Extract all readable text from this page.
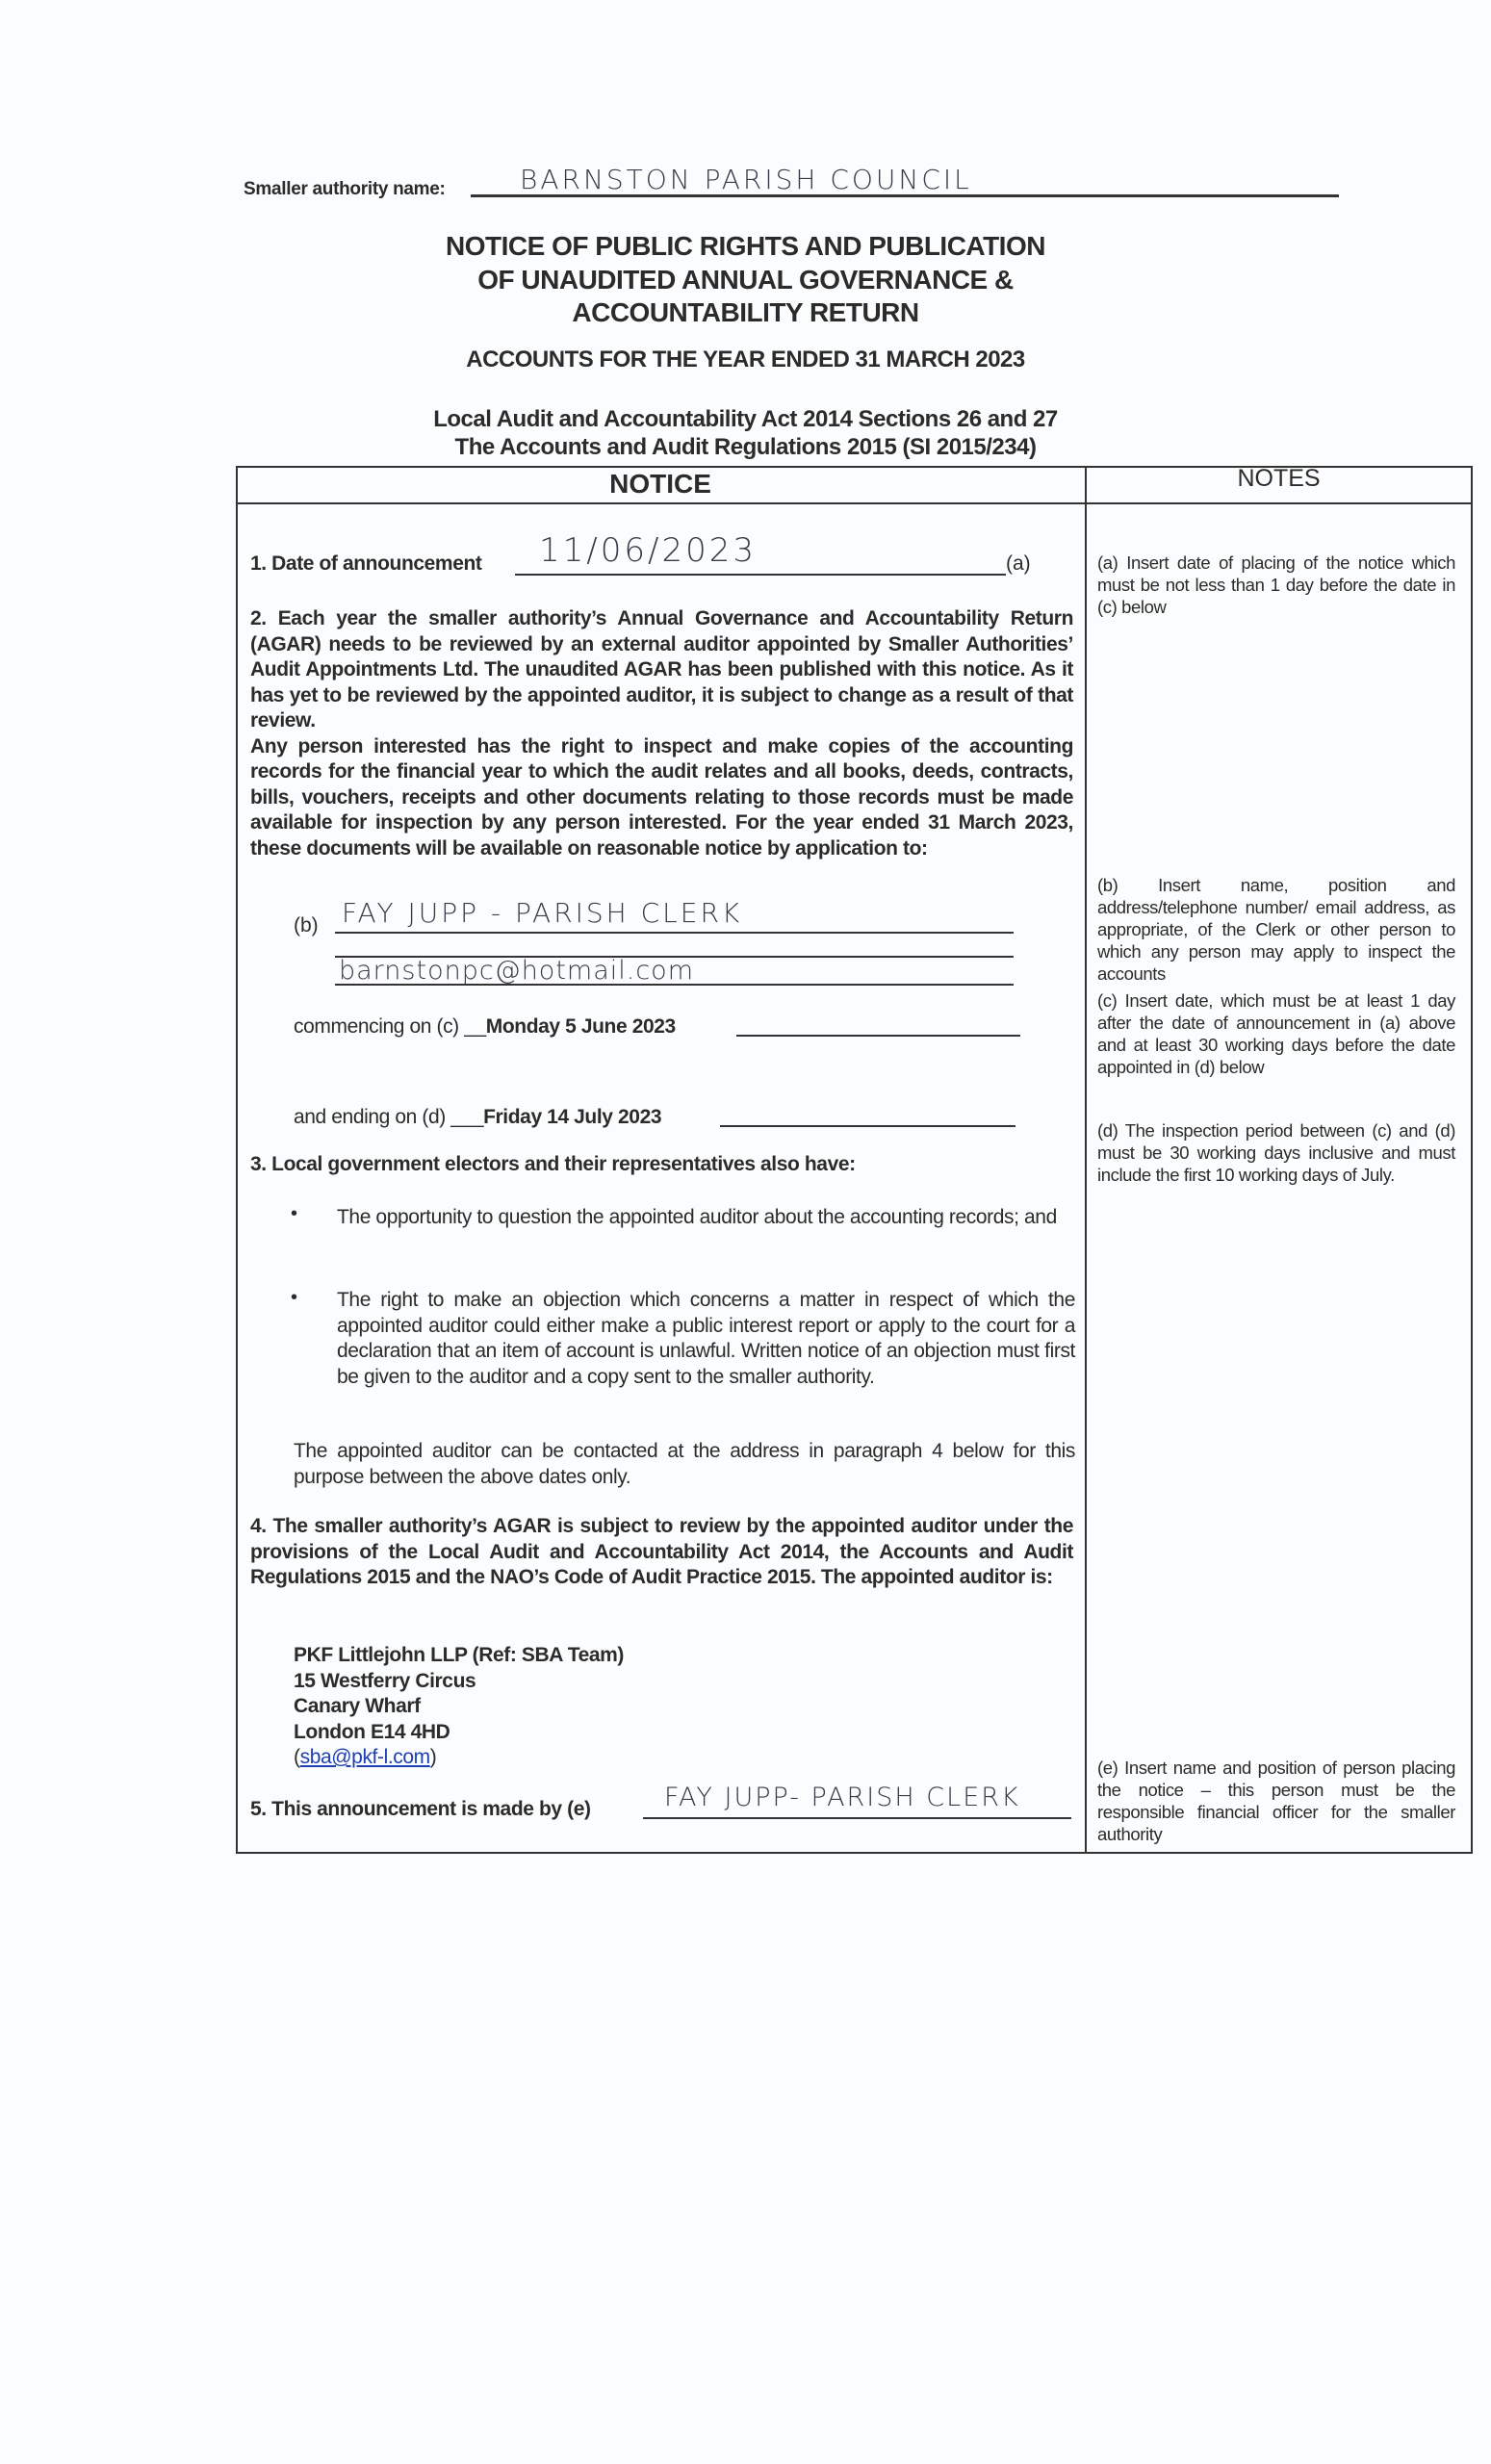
Smaller authority name:	BARNSTON PARISH COUNCIL
NOTICE OF PUBLIC RIGHTS AND PUBLICATION
OF UNAUDITED ANNUAL GOVERNANCE &
ACCOUNTABILITY RETURN
ACCOUNTS FOR THE YEAR ENDED 31 MARCH 2023
Local Audit and Accountability Act 2014 Sections 26 and 27
The Accounts and Audit Regulations 2015 (SI 2015/234)
NOTICE	NOTES
1. Date of announcement 11/06/2023	(a)
2. Each year the smaller authority’s Annual Governance and Accountability Return (AGAR) needs to be reviewed by an external auditor appointed by Smaller Authorities’ Audit Appointments Ltd. The unaudited AGAR has been published with this notice. As it has yet to be reviewed by the appointed auditor, it is subject to change as a result of that review.
Any person interested has the right to inspect and make copies of the accounting records for the financial year to which the audit relates and all books, deeds, contracts, bills, vouchers, receipts and other documents relating to those records must be made available for inspection by any person interested. For the year ended 31 March 2023, these documents will be available on reasonable notice by application to:
(b) FAY JUPP - PARISH CLERK
barnstonpc@hotmail.com
commencing on (c) __Monday 5 June 2023
and ending on (d) ___Friday 14 July 2023
3. Local government electors and their representatives also have:
• The opportunity to question the appointed auditor about the accounting records; and
• The right to make an objection which concerns a matter in respect of which the appointed auditor could either make a public interest report or apply to the court for a declaration that an item of account is unlawful. Written notice of an objection must first be given to the auditor and a copy sent to the smaller authority.
The appointed auditor can be contacted at the address in paragraph 4 below for this purpose between the above dates only.
4. The smaller authority’s AGAR is subject to review by the appointed auditor under the provisions of the Local Audit and Accountability Act 2014, the Accounts and Audit Regulations 2015 and the NAO’s Code of Audit Practice 2015. The appointed auditor is:
PKF Littlejohn LLP (Ref: SBA Team)
15 Westferry Circus
Canary Wharf
London E14 4HD
(sba@pkf-l.com)
5. This announcement is made by (e)	FAY JUPP- PARISH CLERK
(a) Insert date of placing of the notice which must be not less than 1 day before the date in (c) below
(b) Insert name, position and address/telephone number/ email address, as appropriate, of the Clerk or other person to which any person may apply to inspect the accounts
(c) Insert date, which must be at least 1 day after the date of announcement in (a) above and at least 30 working days before the date appointed in (d) below
(d) The inspection period between (c) and (d) must be 30 working days inclusive and must include the first 10 working days of July.
(e) Insert name and position of person placing the notice – this person must be the responsible financial officer for the smaller authority
